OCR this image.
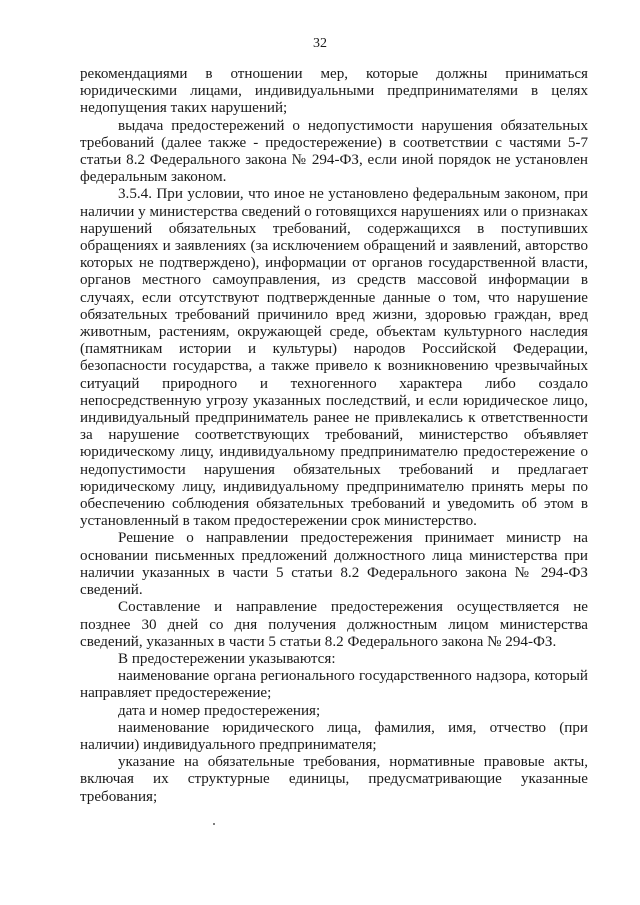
32

рекомендациями в отношении мер, которые должны приниматься юридическими лицами, индивидуальными предпринимателями в целях недопущения таких нарушений;

выдача предостережений о недопустимости нарушения обязательных требований (далее также - предостережение) в соответствии с частями 5-7 статьи 8.2 Федерального закона № 294-ФЗ, если иной порядок не установлен федеральным законом.

3.5.4. При условии, что иное не установлено федеральным законом, при наличии у министерства сведений о готовящихся нарушениях или о признаках нарушений обязательных требований, содержащихся в поступивших обращениях и заявлениях (за исключением обращений и заявлений, авторство которых не подтверждено), информации от органов государственной власти, органов местного самоуправления, из средств массовой информации в случаях, если отсутствуют подтвержденные данные о том, что нарушение обязательных требований причинило вред жизни, здоровью граждан, вред животным, растениям, окружающей среде, объектам культурного наследия (памятникам истории и культуры) народов Российской Федерации, безопасности государства, а также привело к возникновению чрезвычайных ситуаций природного и техногенного характера либо создало непосредственную угрозу указанных последствий, и если юридическое лицо, индивидуальный предприниматель ранее не привлекались к ответственности за нарушение соответствующих требований, министерство объявляет юридическому лицу, индивидуальному предпринимателю предостережение о недопустимости нарушения обязательных требований и предлагает юридическому лицу, индивидуальному предпринимателю принять меры по обеспечению соблюдения обязательных требований и уведомить об этом в установленный в таком предостережении срок министерство.

Решение о направлении предостережения принимает министр на основании письменных предложений должностного лица министерства при наличии указанных в части 5 статьи 8.2 Федерального закона № 294-ФЗ сведений.

Составление и направление предостережения осуществляется не позднее 30 дней со дня получения должностным лицом министерства сведений, указанных в части 5 статьи 8.2 Федерального закона № 294-ФЗ.

В предостережении указываются:

наименование органа регионального государственного надзора, который направляет предостережение;

дата и номер предостережения;

наименование юридического лица, фамилия, имя, отчество (при наличии) индивидуального предпринимателя;

указание на обязательные требования, нормативные правовые акты, включая их структурные единицы, предусматривающие указанные требования;
